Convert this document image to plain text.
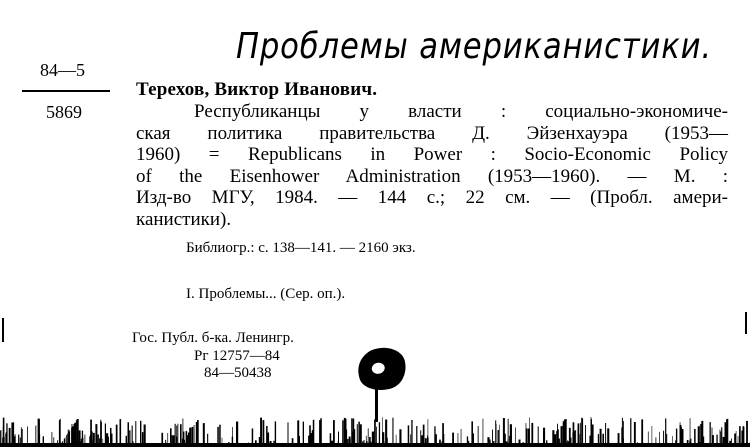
Проблемы американистики.
84—5
5869
Терехов, Виктор Иванович.
Республиканцы у власти : социально-экономиче-
ская политика правительства Д. Эйзенхауэра (1953—
1960) = Republicans in Power : Socio-Economic Policy
of the Eisenhower Administration (1953—1960). — М. :
Изд-во МГУ, 1984. — 144 с.; 22 см. — (Пробл. амери-
канистики).
Библиогр.: с. 138—141. — 2160 экз.
I. Проблемы... (Сер. оп.).
Гос. Публ. б-ка. Ленингр.
Рг 12757—84
84—50438
